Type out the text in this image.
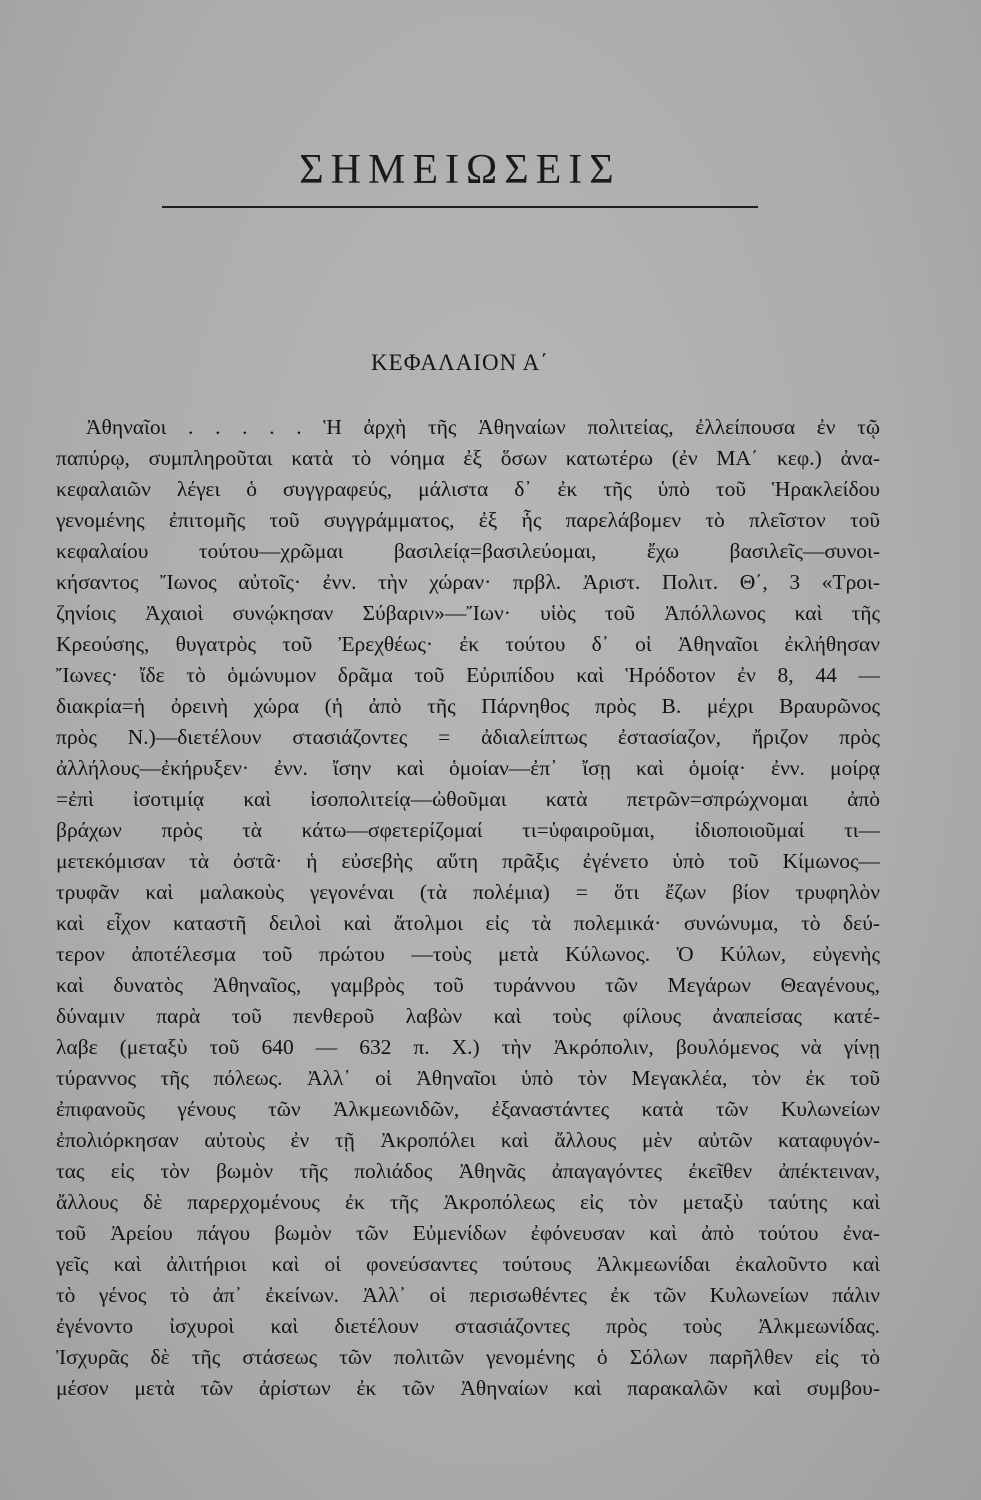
ΣΗΜΕΙΩΣΕΙΣ
ΚΕΦΑΛΑΙΟΝ Α΄
Ἀθηναῖοι . . . . . Ἡ ἀρχὴ τῆς Ἀθηναίων πολιτείας, ἐλλείπουσα ἐν τῷ
παπύρῳ, συμπληροῦται κατὰ τὸ νόημα ἐξ ὅσων κατωτέρω (ἐν ΜΑ΄ κεφ.) ἀνα-
κεφαλαιῶν λέγει ὁ συγγραφεύς, μάλιστα δ᾽ ἐκ τῆς ὑπὸ τοῦ Ἡρακλείδου
γενομένης ἐπιτομῆς τοῦ συγγράμματος, ἐξ ἧς παρελάβομεν τὸ πλεῖστον τοῦ
κεφαλαίου τούτου—χρῶμαι βασιλείᾳ=βασιλεύομαι, ἔχω βασιλεῖς—συνοι-
κήσαντος Ἴωνος αὐτοῖς· ἐνν. τὴν χώραν· πρβλ. Ἀριστ. Πολιτ. Θ΄, 3 «Τροι-
ζηνίοις Ἀχαιοὶ συνῴκησαν Σύβαριν»—Ἴων· υἱὸς τοῦ Ἀπόλλωνος καὶ τῆς
Κρεούσης, θυγατρὸς τοῦ Ἐρεχθέως· ἐκ τούτου δ᾽ οἱ Ἀθηναῖοι ἐκλήθησαν
Ἴωνες· ἴδε τὸ ὁμώνυμον δρᾶμα τοῦ Εὐριπίδου καὶ Ἡρόδοτον ἐν 8, 44 —
διακρία=ἡ ὀρεινὴ χώρα (ἡ ἀπὸ τῆς Πάρνηθος πρὸς Β. μέχρι Βραυρῶνος
πρὸς Ν.)—διετέλουν στασιάζοντες = ἀδιαλείπτως ἐστασίαζον, ἤριζον πρὸς
ἀλλήλους—ἐκήρυξεν· ἐνν. ἴσην καὶ ὁμοίαν—ἐπ᾽ ἴσῃ καὶ ὁμοίᾳ· ἐνν. μοίρᾳ
=ἐπὶ ἰσοτιμίᾳ καὶ ἰσοπολιτείᾳ—ὠθοῦμαι κατὰ πετρῶν=σπρώχνομαι ἀπὸ
βράχων πρὸς τὰ κάτω—σφετερίζομαί τι=ὑφαιροῦμαι, ἰδιοποιοῦμαί τι—
μετεκόμισαν τὰ ὀστᾶ· ἡ εὐσεβὴς αὕτη πρᾶξις ἐγένετο ὑπὸ τοῦ Κίμωνος—
τρυφᾶν καὶ μαλακοὺς γεγονέναι (τὰ πολέμια) = ὅτι ἔζων βίον τρυφηλὸν
καὶ εἶχον καταστῆ δειλοὶ καὶ ἄτολμοι εἰς τὰ πολεμικά· συνώνυμα, τὸ δεύ-
τερον ἀποτέλεσμα τοῦ πρώτου —τοὺς μετὰ Κύλωνος. Ὁ Κύλων, εὐγενὴς
καὶ δυνατὸς Ἀθηναῖος, γαμβρὸς τοῦ τυράννου τῶν Μεγάρων Θεαγένους,
δύναμιν παρὰ τοῦ πενθεροῦ λαβὼν καὶ τοὺς φίλους ἀναπείσας κατέ-
λαβε (μεταξὺ τοῦ 640 — 632 π. Χ.) τὴν Ἀκρόπολιν, βουλόμενος νὰ γίνῃ
τύραννος τῆς πόλεως. Ἀλλ᾽ οἱ Ἀθηναῖοι ὑπὸ τὸν Μεγακλέα, τὸν ἐκ τοῦ
ἐπιφανοῦς γένους τῶν Ἀλκμεωνιδῶν, ἐξαναστάντες κατὰ τῶν Κυλωνείων
ἐπολιόρκησαν αὐτοὺς ἐν τῇ Ἀκροπόλει καὶ ἄλλους μὲν αὐτῶν καταφυγόν-
τας εἰς τὸν βωμὸν τῆς πολιάδος Ἀθηνᾶς ἀπαγαγόντες ἐκεῖθεν ἀπέκτειναν,
ἄλλους δὲ παρερχομένους ἐκ τῆς Ἀκροπόλεως εἰς τὸν μεταξὺ ταύτης καὶ
τοῦ Ἀρείου πάγου βωμὸν τῶν Εὐμενίδων ἐφόνευσαν καὶ ἀπὸ τούτου ἐνα-
γεῖς καὶ ἀλιτήριοι καὶ οἱ φονεύσαντες τούτους Ἀλκμεωνίδαι ἐκαλοῦντο καὶ
τὸ γένος τὸ ἀπ᾽ ἐκείνων. Ἀλλ᾽ οἱ περισωθέντες ἐκ τῶν Κυλωνείων πάλιν
ἐγένοντο ἰσχυροὶ καὶ διετέλουν στασιάζοντες πρὸς τοὺς Ἀλκμεωνίδας.
Ἰσχυρᾶς δὲ τῆς στάσεως τῶν πολιτῶν γενομένης ὁ Σόλων παρῆλθεν εἰς τὸ
μέσον μετὰ τῶν ἀρίστων ἐκ τῶν Ἀθηναίων καὶ παρακαλῶν καὶ συμβου-
